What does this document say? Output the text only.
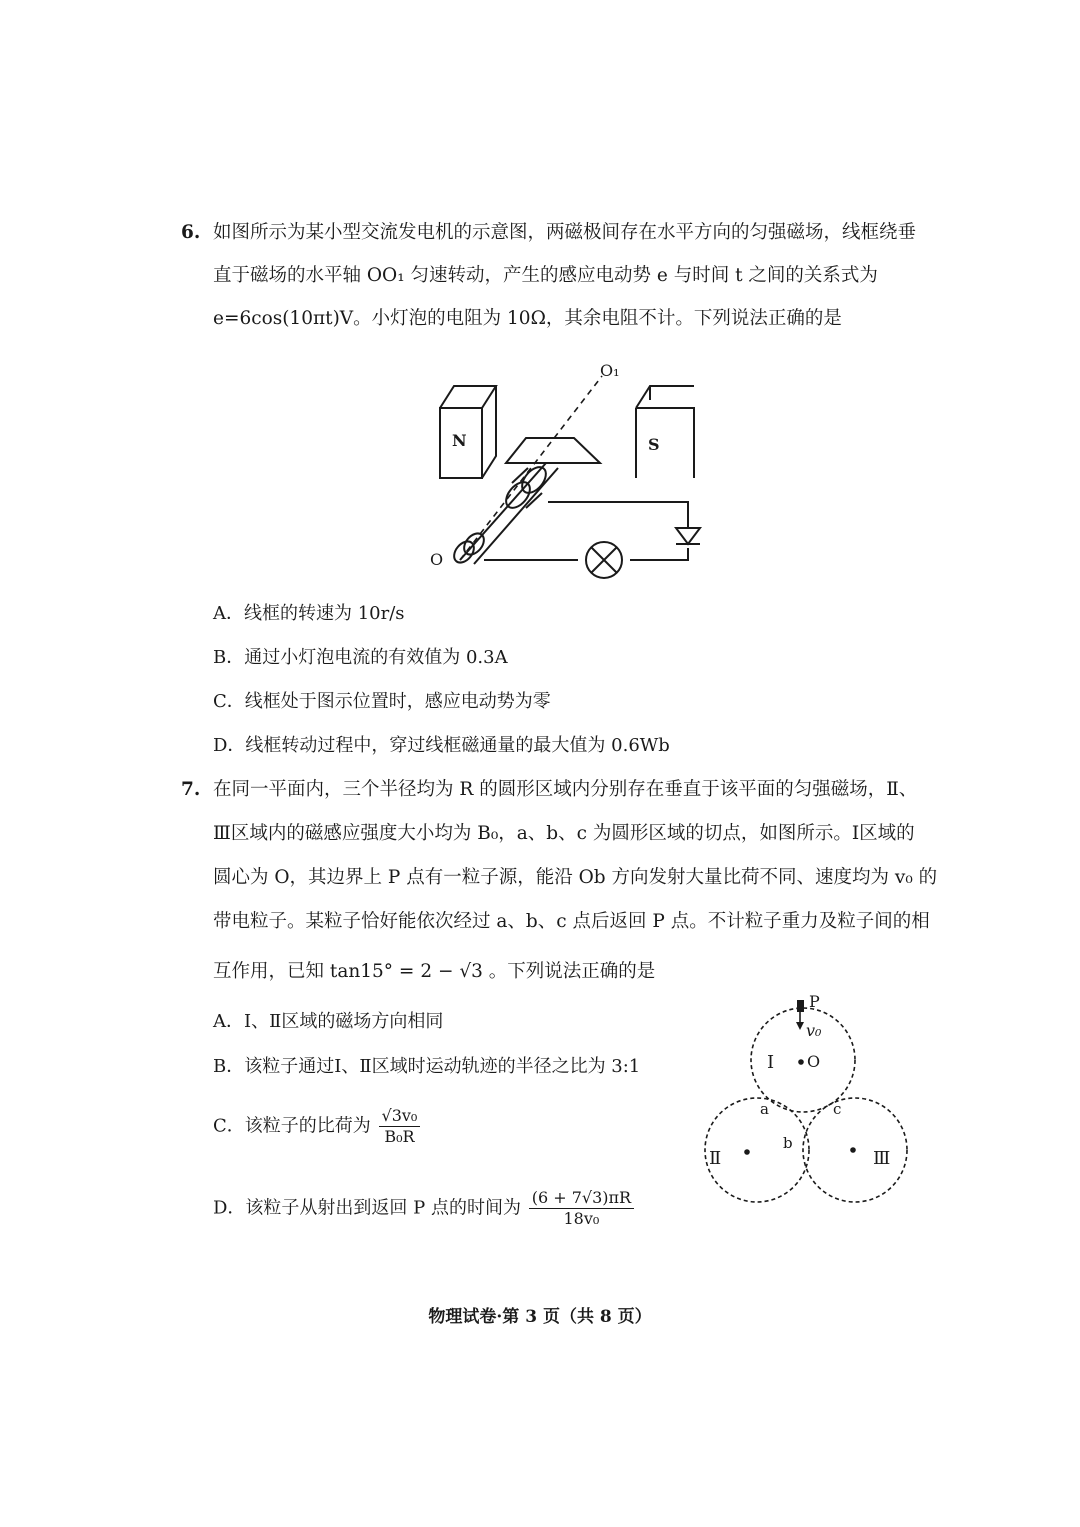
6. 如图所示为某小型交流发电机的示意图，两磁极间存在水平方向的匀强磁场，线框绕垂
直于磁场的水平轴 OO₁ 匀速转动，产生的感应电动势 e 与时间 t 之间的关系式为
e=6cos(10πt)V。小灯泡的电阻为 10Ω，其余电阻不计。下列说法正确的是
O₁
O
N	S
A．线框的转速为 10r/s
B．通过小灯泡电流的有效值为 0.3A
C．线框处于图示位置时，感应电动势为零
D．线框转动过程中，穿过线框磁通量的最大值为 0.6Wb
7. 在同一平面内，三个半径均为 R 的圆形区域内分别存在垂直于该平面的匀强磁场，Ⅱ、
Ⅲ区域内的磁感应强度大小均为 B₀，a、b、c 为圆形区域的切点，如图所示。Ⅰ区域的
圆心为 O，其边界上 P 点有一粒子源，能沿 Ob 方向发射大量比荷不同、速度均为 v₀ 的
带电粒子。某粒子恰好能依次经过 a、b、c 点后返回 P 点。不计粒子重力及粒子间的相
互作用，已知 tan15° = 2 − √3 。下列说法正确的是
A．Ⅰ、Ⅱ区域的磁场方向相同
B．该粒子通过Ⅰ、Ⅱ区域时运动轨迹的半径之比为 3:1
C．该粒子的比荷为 $\frac{\text{√3v₀}}{\text{B₀R}}$
D．该粒子从射出到返回 P 点的时间为 $\frac{(6 + 7√3)\pi R}{\text{18v₀}}$
P
v₀
Ⅰ O
a	c
b
Ⅱ	Ⅲ
物理试卷·第 3 页（共 8 页）
